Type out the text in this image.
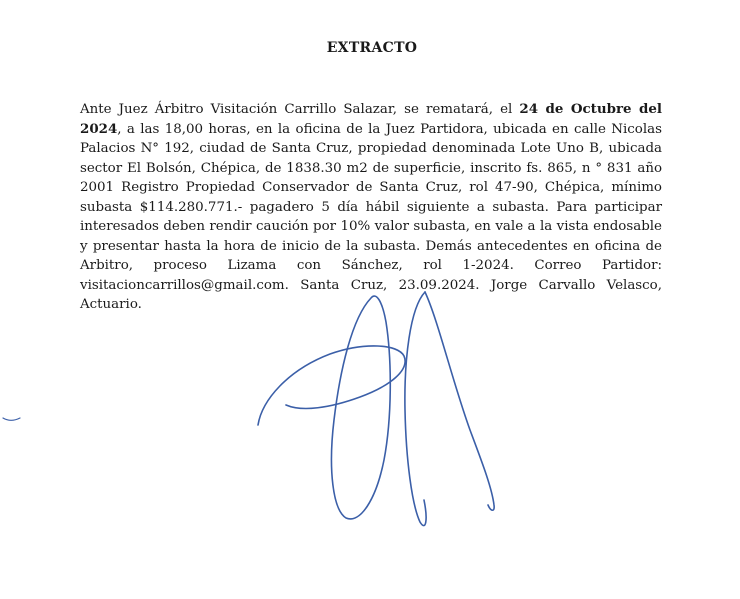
EXTRACTO

Ante Juez Árbitro Visitación Carrillo Salazar, se rematará, el 24 de Octubre del 2024, a las 18,00 horas, en la oficina de la Juez Partidora, ubicada en calle Nicolas Palacios N° 192, ciudad de Santa Cruz, propiedad denominada Lote Uno B, ubicada sector El Bolsón, Chépica, de 1838.30 m2 de superficie, inscrito fs. 865, n ° 831 año 2001 Registro Propiedad Conservador de Santa Cruz, rol 47-90, Chépica, mínimo subasta $114.280.771.- pagadero 5 día hábil siguiente a subasta. Para participar interesados deben rendir caución por 10% valor subasta, en vale a la vista endosable y presentar hasta la hora de inicio de la subasta. Demás antecedentes en oficina de Arbitro, proceso Lizama con Sánchez, rol 1-2024. Correo Partidor: visitacioncarrillos@gmail.com. Santa Cruz, 23.09.2024. Jorge Carvallo Velasco, Actuario.
